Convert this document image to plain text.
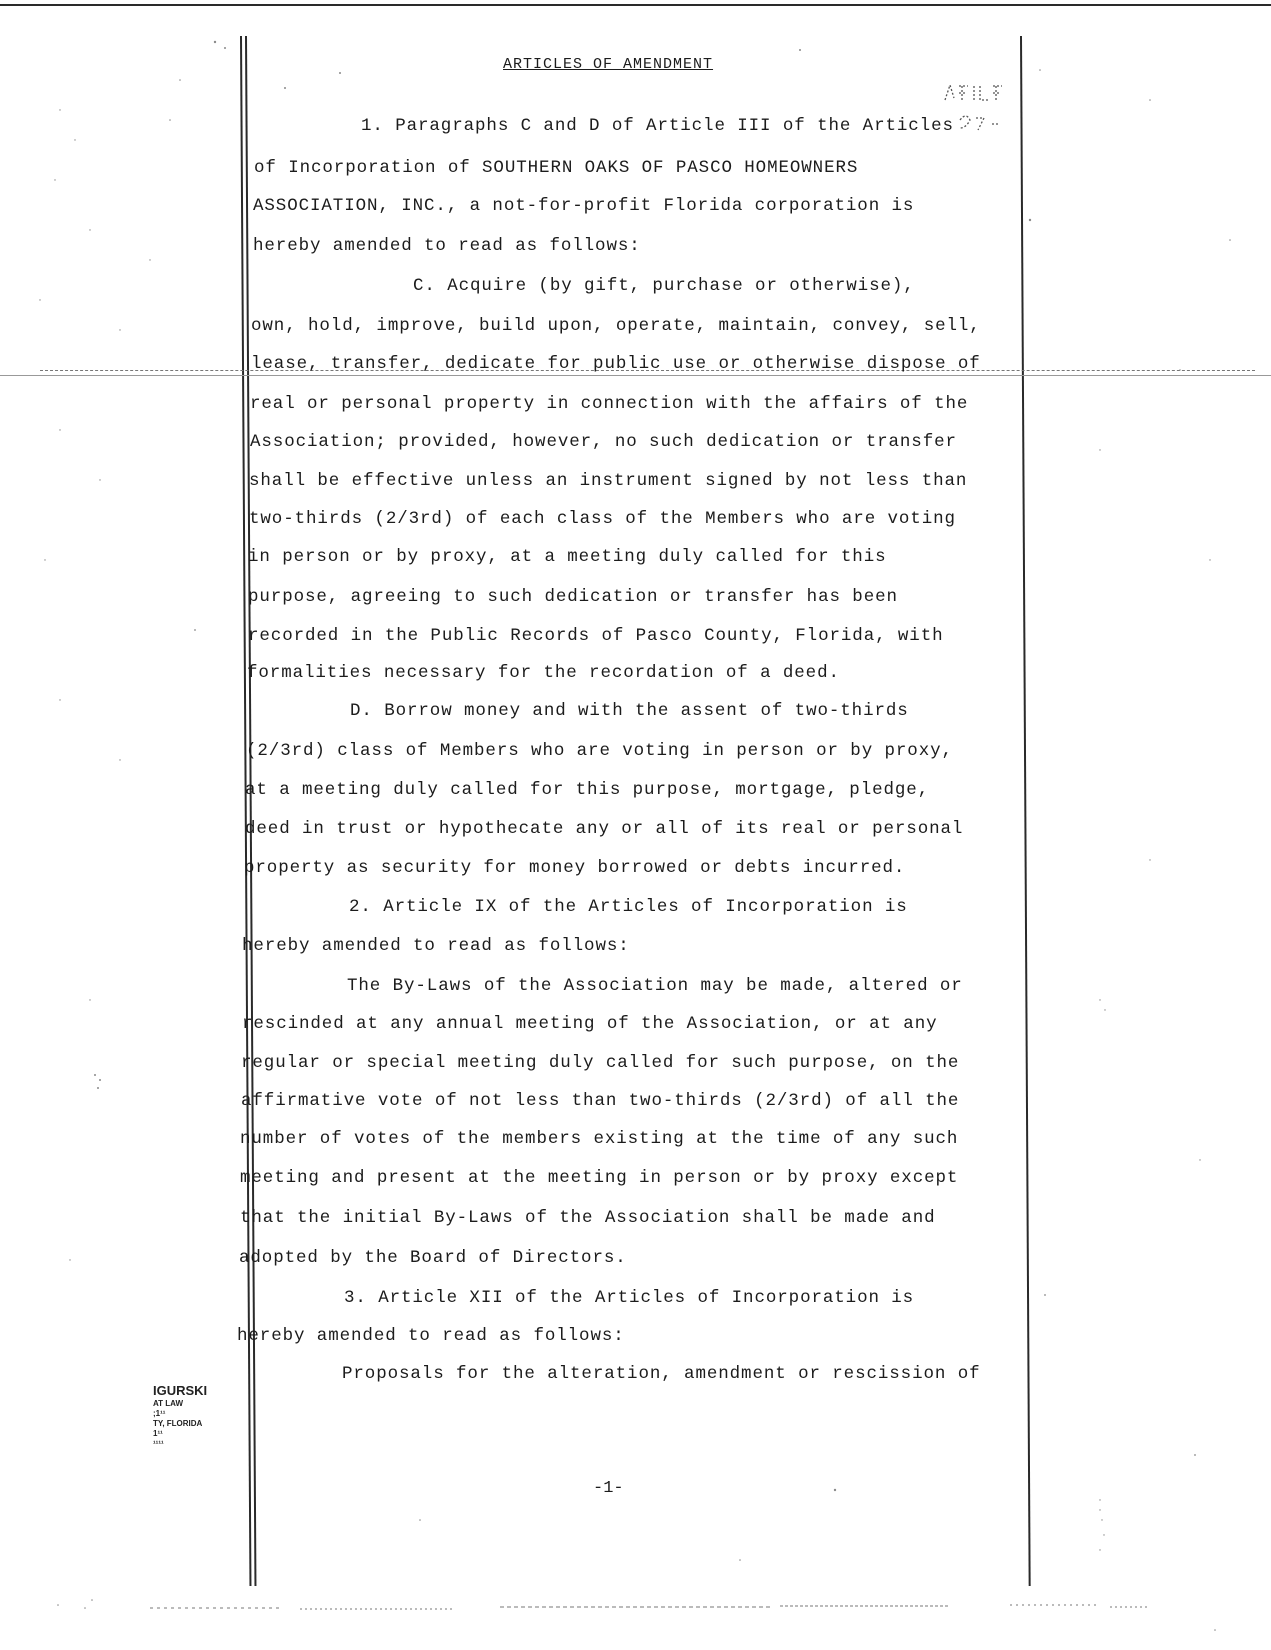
ARTICLES OF AMENDMENT
1. Paragraphs C and D of Article III of the Articles
of Incorporation of SOUTHERN OAKS OF PASCO HOMEOWNERS
ASSOCIATION, INC., a not-for-profit Florida corporation is
hereby amended to read as follows:
C. Acquire (by gift, purchase or otherwise),
own, hold, improve, build upon, operate, maintain, convey, sell,
lease, transfer, dedicate for public use or otherwise dispose of
real or personal property in connection with the affairs of the
Association; provided, however, no such dedication or transfer
shall be effective unless an instrument signed by not less than
two-thirds (2/3rd) of each class of the Members who are voting
in person or by proxy, at a meeting duly called for this
purpose, agreeing to such dedication or transfer has been
recorded in the Public Records of Pasco County, Florida, with
formalities necessary for the recordation of a deed.
D. Borrow money and with the assent of two-thirds
(2/3rd) class of Members who are voting in person or by proxy,
at a meeting duly called for this purpose, mortgage, pledge,
deed in trust or hypothecate any or all of its real or personal
property as security for money borrowed or debts incurred.
2. Article IX of the Articles of Incorporation is
hereby amended to read as follows:
The By-Laws of the Association may be made, altered or
rescinded at any annual meeting of the Association, or at any
regular or special meeting duly called for such purpose, on the
affirmative vote of not less than two-thirds (2/3rd) of all the
number of votes of the members existing at the time of any such
meeting and present at the meeting in person or by proxy except
that the initial By-Laws of the Association shall be made and
adopted by the Board of Directors.
3. Article XII of the Articles of Incorporation is
hereby amended to read as follows:
Proposals for the alteration, amendment or rescission of
-1-
IGURSKI
AT LAW
;1¹¹
TY, FLORIDA
1¹¹
¹¹¹¹
